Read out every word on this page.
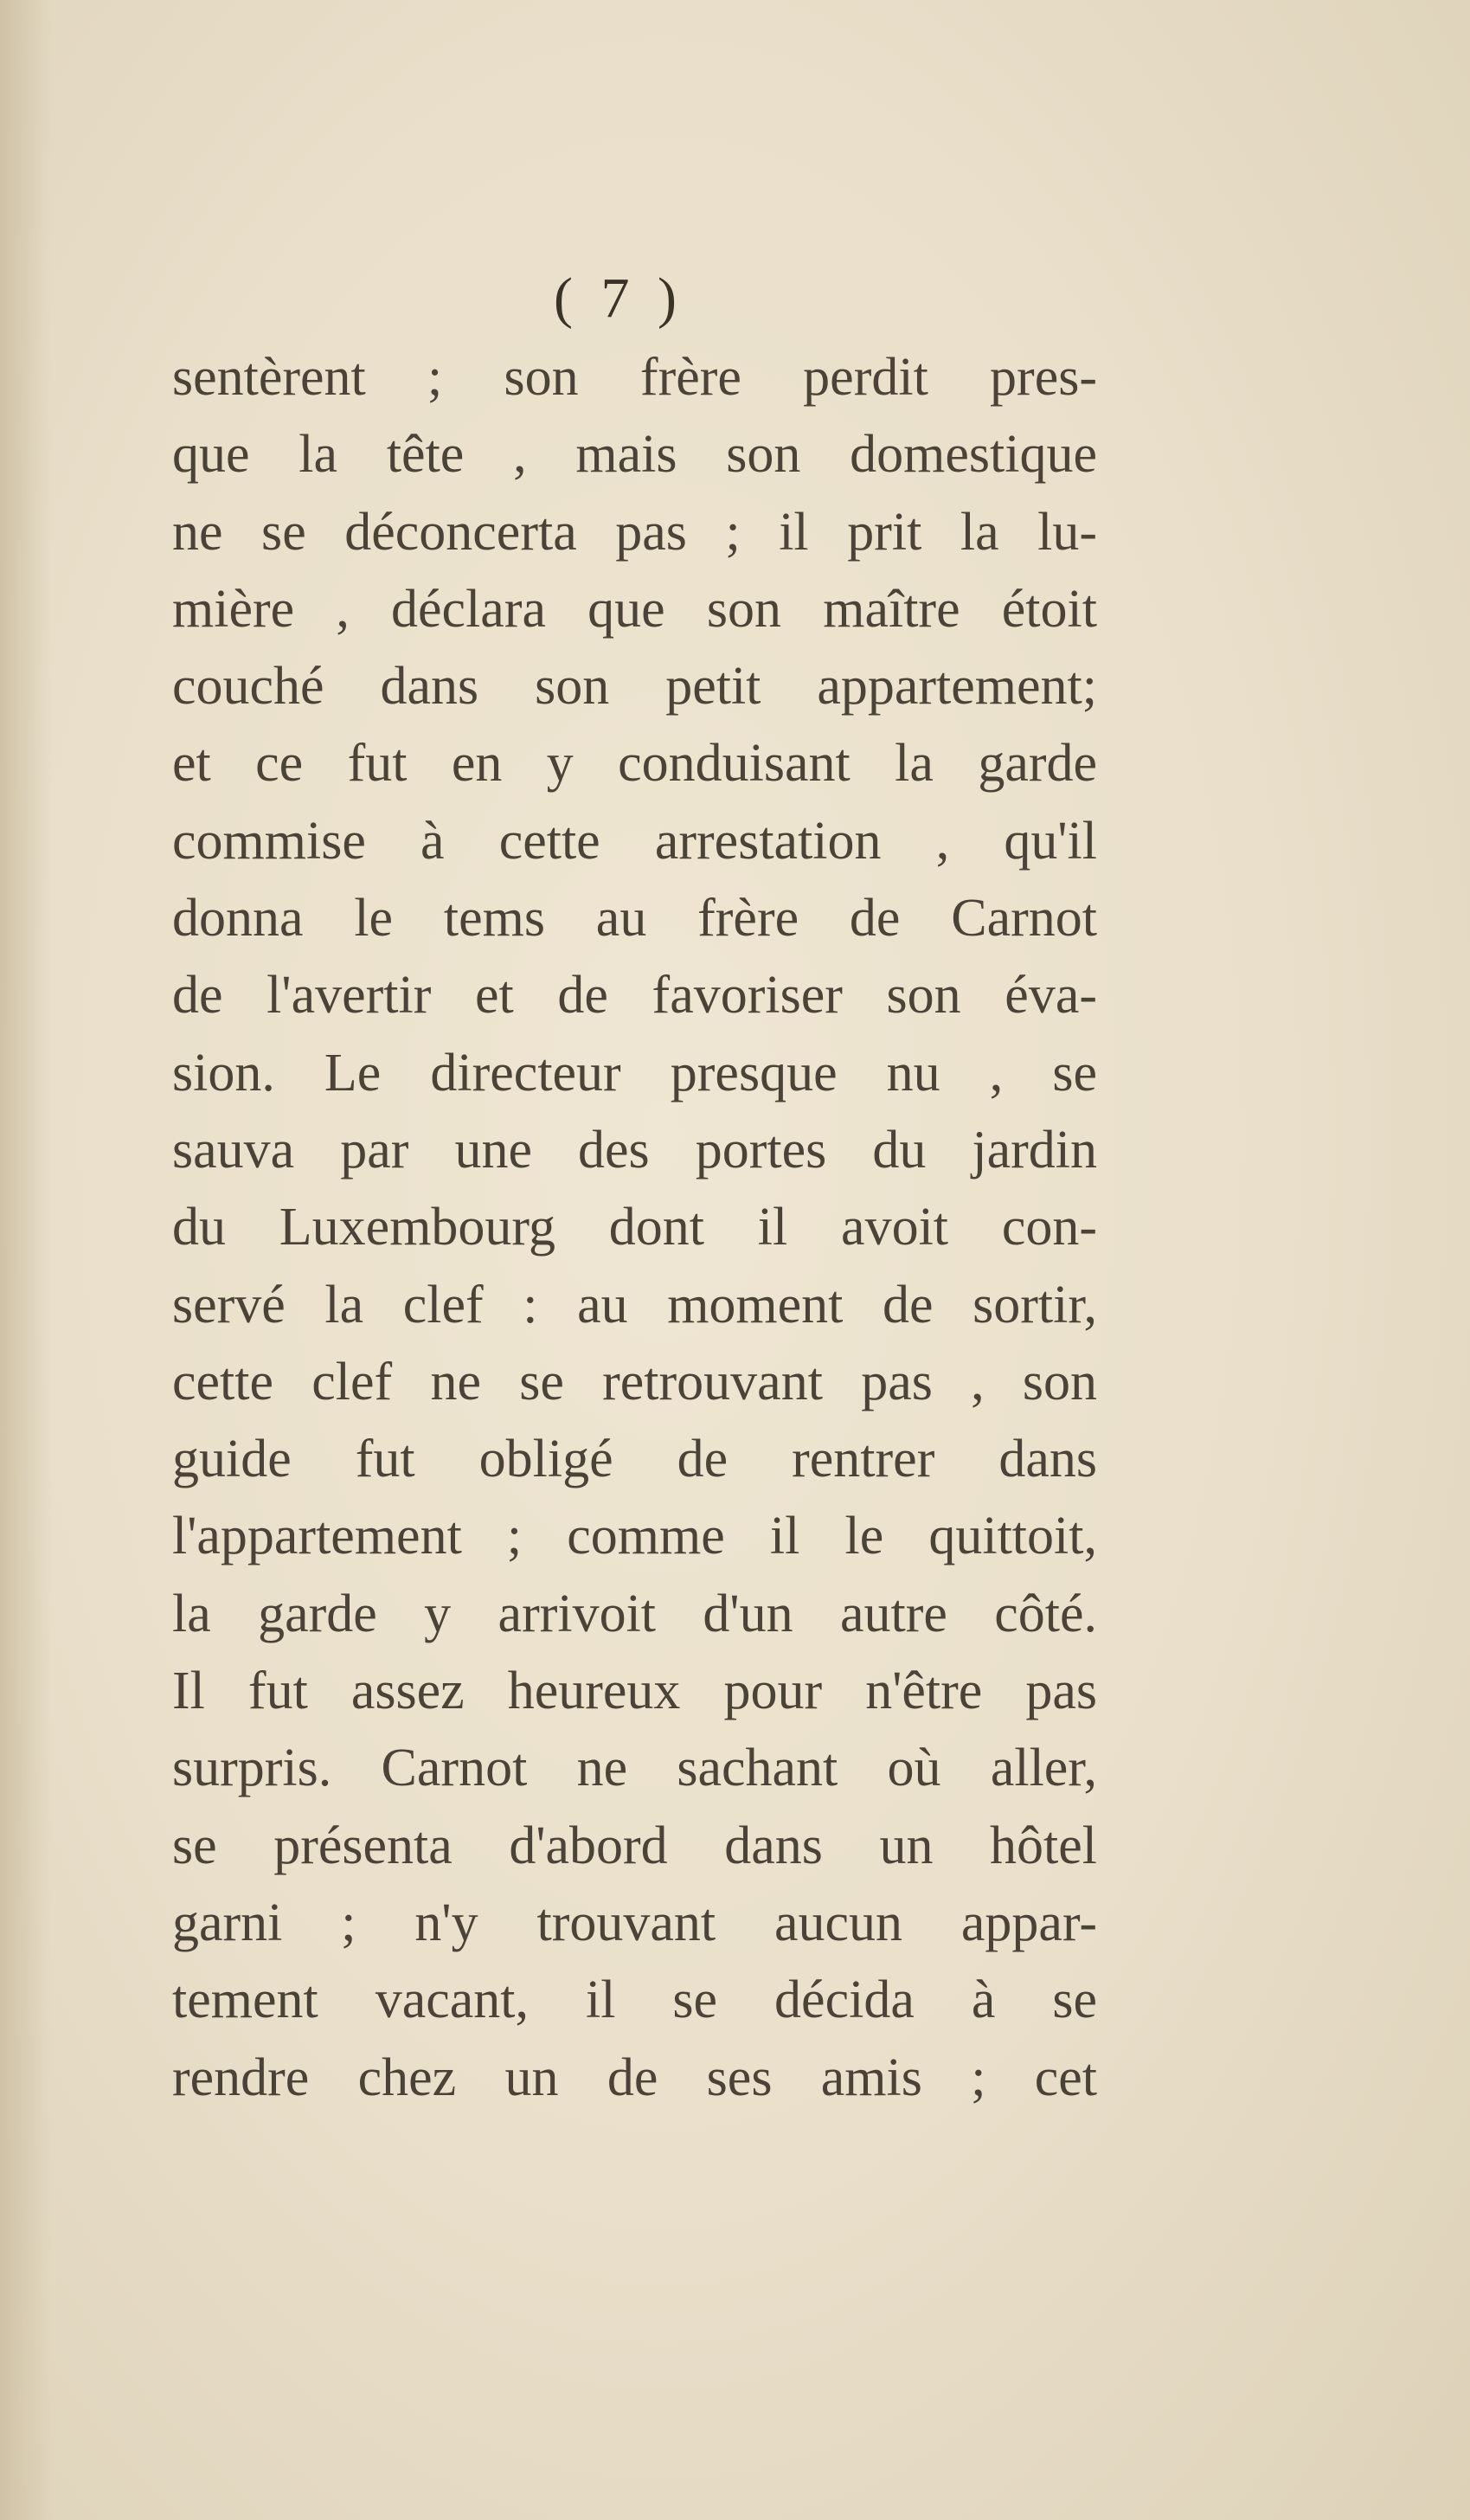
( 7 )
sentèrent ; son frère perdit pres-
que la tête , mais son domestique
ne se déconcerta pas ; il prit la lu-
mière , déclara que son maître étoit
couché dans son petit appartement;
et ce fut en y conduisant la garde
commise à cette arrestation , qu'il
donna le tems au frère de Carnot
de l'avertir et de favoriser son éva-
sion. Le directeur presque nu , se
sauva par une des portes du jardin
du Luxembourg dont il avoit con-
servé la clef : au moment de sortir,
cette clef ne se retrouvant pas , son
guide fut obligé de rentrer dans
l'appartement ; comme il le quittoit,
la garde y arrivoit d'un autre côté.
Il fut assez heureux pour n'être pas
surpris. Carnot ne sachant où aller,
se présenta d'abord dans un hôtel
garni ; n'y trouvant aucun appar-
tement vacant, il se décida à se
rendre chez un de ses amis ; cet
